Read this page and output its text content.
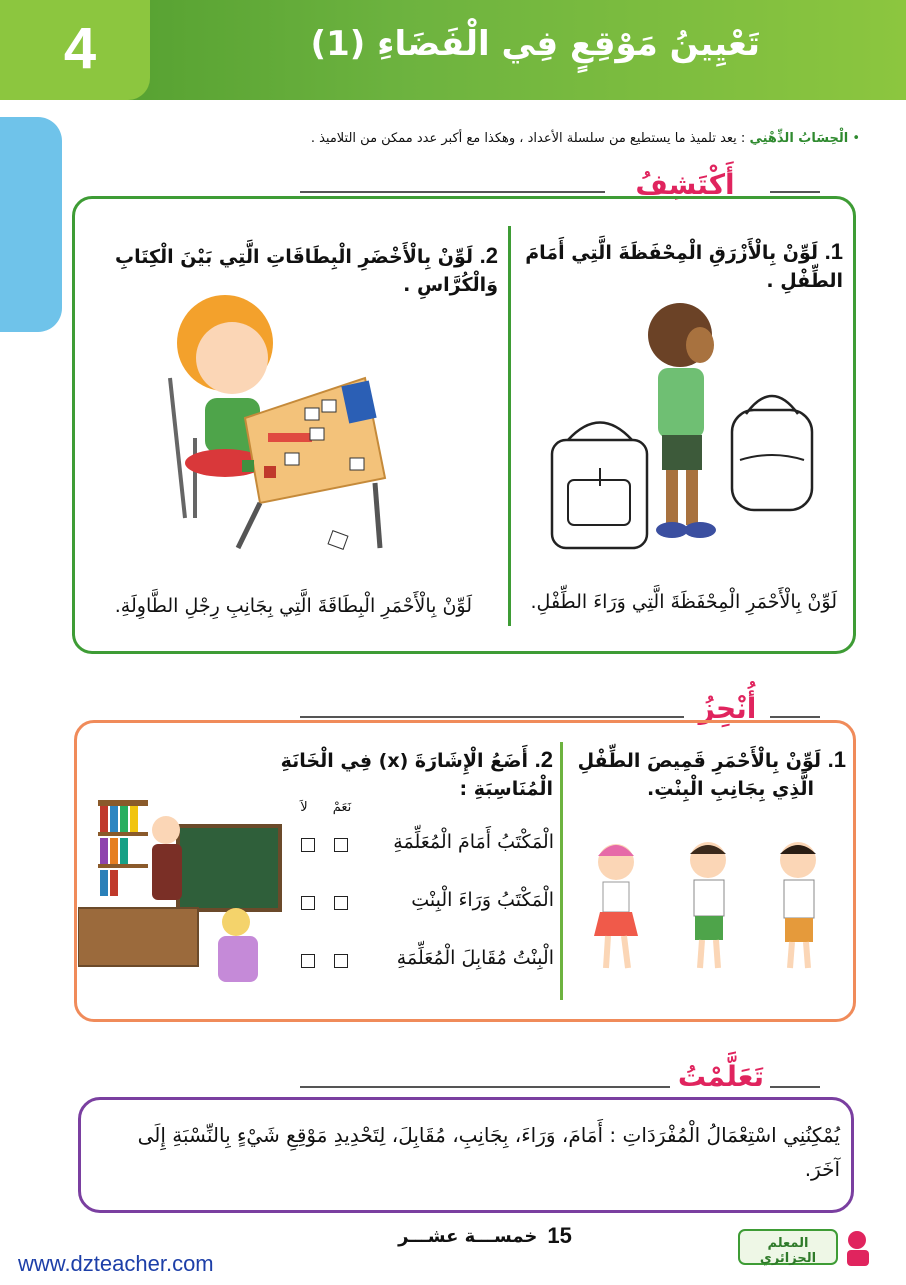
4	تَعْيِينُ مَوْقِعٍ فِي الْفَضَاءِ (1)
• الْحِسَابُ الذِّهْنِي : يعد تلميذ ما يستطيع من سلسلة الأعداد ، وهكذا مع أكبر عدد ممكن من التلاميذ .
أَكْتَشِفُ
1. لَوِّنْ بِالْأَزْرَقِ الْمِحْفَظَةَ الَّتِي أَمَامَ الطِّفْلِ .
لَوِّنْ بِالْأَحْمَرِ الْمِحْفَظَةَ الَّتِي وَرَاءَ الطِّفْلِ.
2. لَوِّنْ بِالْأَخْضَرِ الْبِطَاقَاتِ الَّتِي بَيْنَ الْكِتَابِ وَالْكُرَّاسِ .
لَوِّنْ بِالْأَحْمَرِ الْبِطَاقَةَ الَّتِي بِجَانِبِ رِجْلِ الطَّاوِلَةِ.
أُنْجِزُ
1. لَوِّنْ بِالْأَحْمَرِ قَمِيصَ الطِّفْلِ
الَّذِي بِجَانِبِ الْبِنْتِ.
2. أَضَعُ الْإِشَارَةَ (x) فِي الْخَانَةِ الْمُنَاسِبَةِ :
نَعَمْ
لاَ
الْمَكْتَبُ أَمَامَ الْمُعَلِّمَةِ
الْمَكْتَبُ وَرَاءَ الْبِنْتِ
الْبِنْتُ مُقَابِلَ الْمُعَلِّمَةِ
تَعَلَّمْتُ
يُمْكِنُنِي اسْتِعْمَالُ الْمُفْرَدَاتِ : أَمَامَ، وَرَاءَ، بِجَانِبِ، مُقَابِلَ، لِتَحْدِيدِ مَوْقِعِ شَيْءٍ بِالنِّسْبَةِ إِلَى آخَرَ.
15
خمســـة عشـــر
www.dzteacher.com
المعلم الجزائري
